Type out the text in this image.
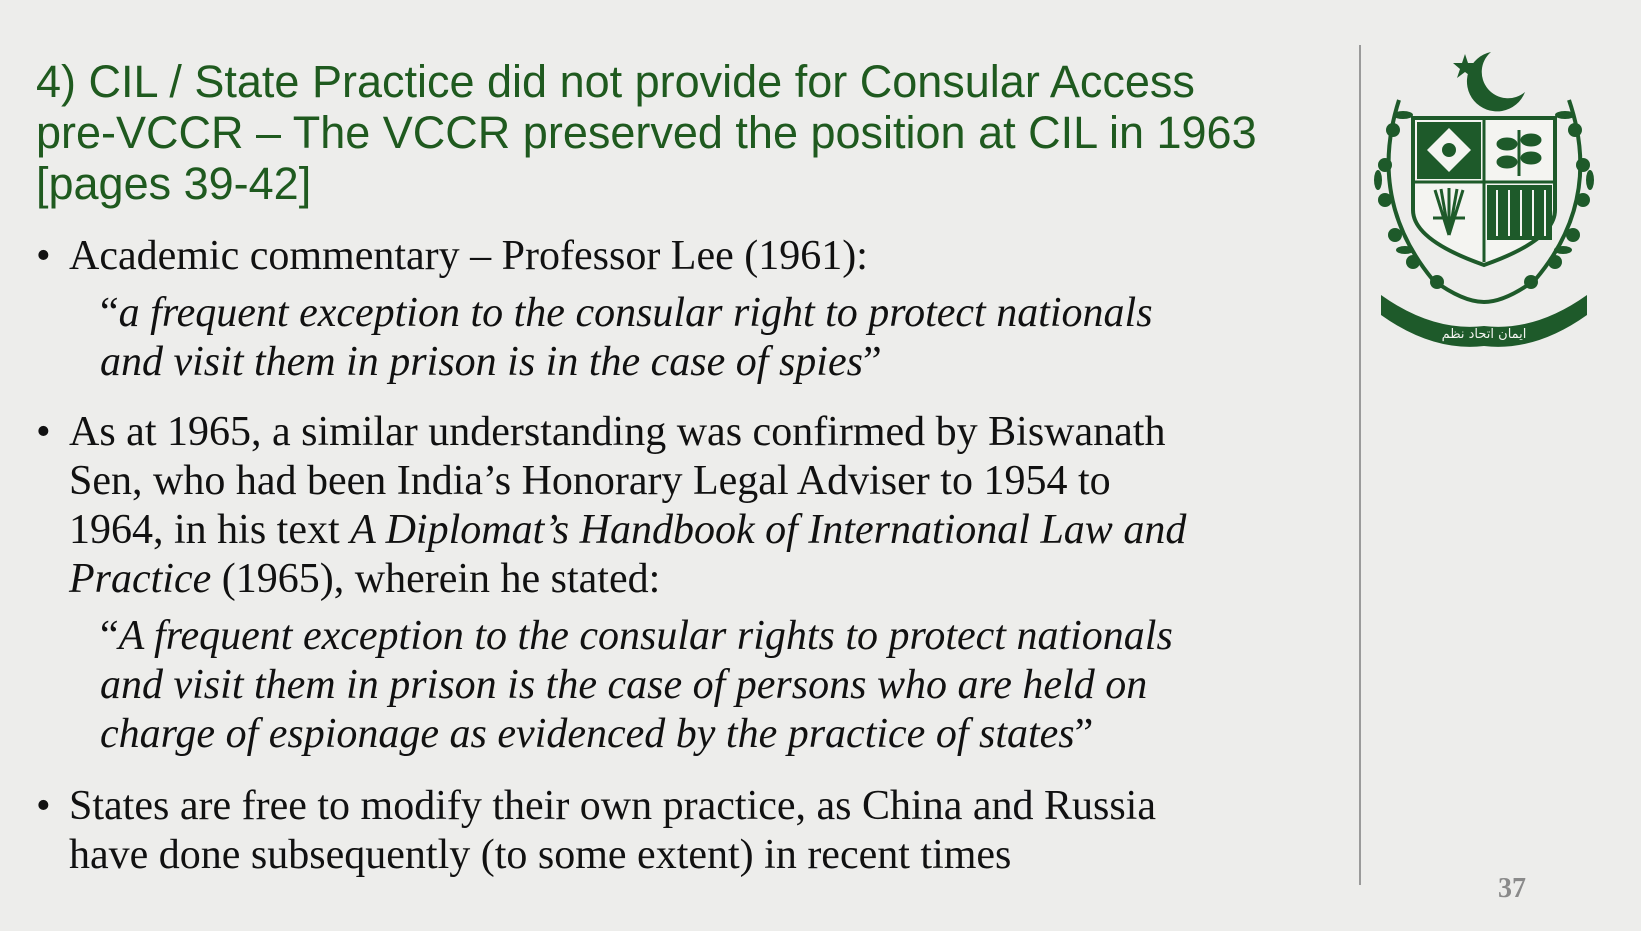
4) CIL / State Practice did not provide for Consular Access
pre-VCCR – The VCCR preserved the position at CIL in 1963
[pages 39-42]
• Academic commentary – Professor Lee (1961):
“a frequent exception to the consular right to protect nationals
and visit them in prison is in the case of spies”
• As at 1965, a similar understanding was confirmed by Biswanath
Sen, who had been India’s Honorary Legal Adviser to 1954 to
1964, in his text A Diplomat’s Handbook of International Law and
Practice (1965), wherein he stated:
“A frequent exception to the consular rights to protect nationals
and visit them in prison is the case of persons who are held on
charge of espionage as evidenced by the practice of states”
• States are free to modify their own practice, as China and Russia
have done subsequently (to some extent) in recent times
ایمان اتحاد نظم
37
